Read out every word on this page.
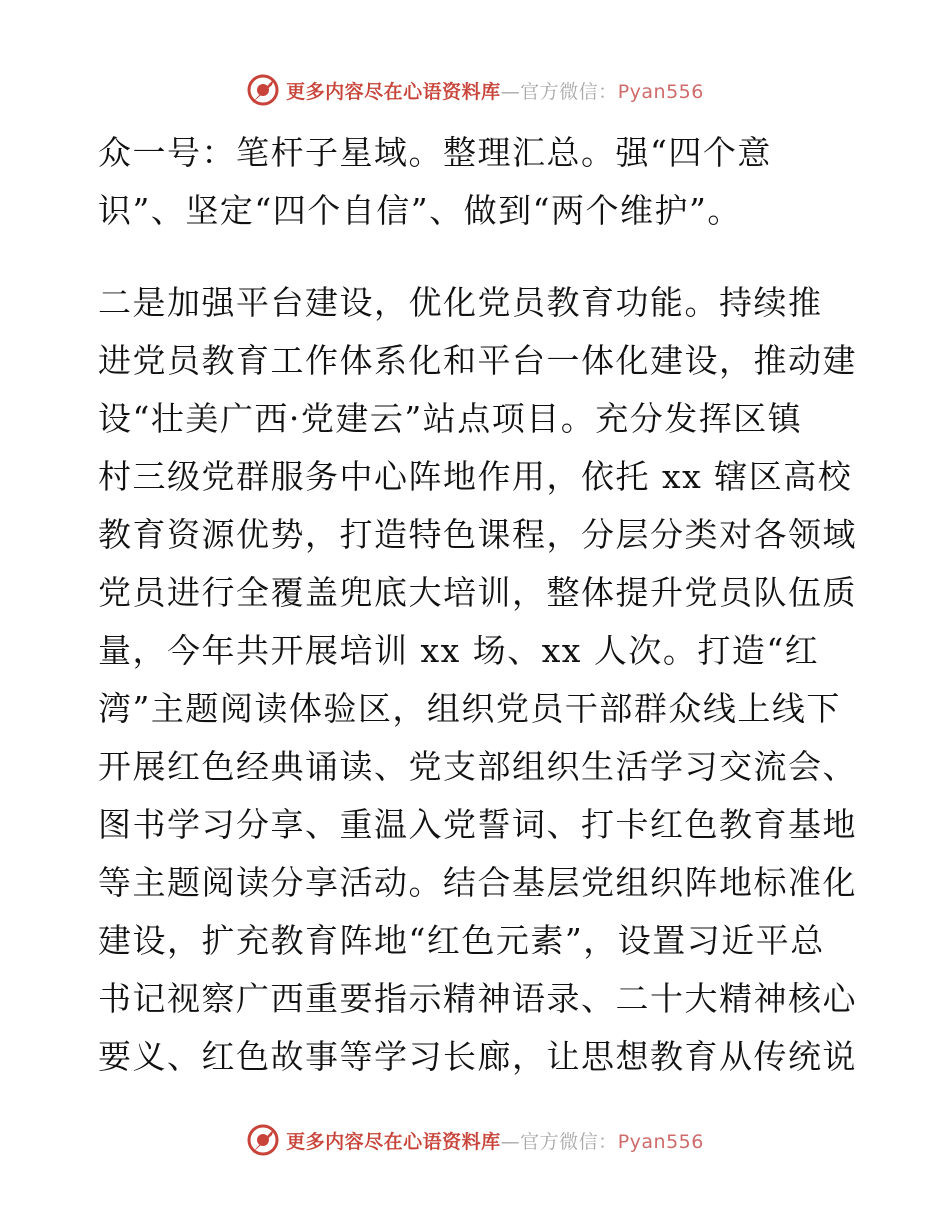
更多内容尽在心语资料库—官方微信：Pyan556
众一号：笔杆子星域。整理汇总。强“四个意
识”、坚定“四个自信”、做到“两个维护”。
二是加强平台建设，优化党员教育功能。持续推
进党员教育工作体系化和平台一体化建设，推动建
设“壮美广西·党建云”站点项目。充分发挥区镇
村三级党群服务中心阵地作用，依托 xx 辖区高校
教育资源优势，打造特色课程，分层分类对各领域
党员进行全覆盖兜底大培训，整体提升党员队伍质
量，今年共开展培训 xx 场、xx 人次。打造“红
湾”主题阅读体验区，组织党员干部群众线上线下
开展红色经典诵读、党支部组织生活学习交流会、
图书学习分享、重温入党誓词、打卡红色教育基地
等主题阅读分享活动。结合基层党组织阵地标准化
建设，扩充教育阵地“红色元素”，设置习近平总
书记视察广西重要指示精神语录、二十大精神核心
要义、红色故事等学习长廊，让思想教育从传统说
更多内容尽在心语资料库—官方微信：Pyan556
